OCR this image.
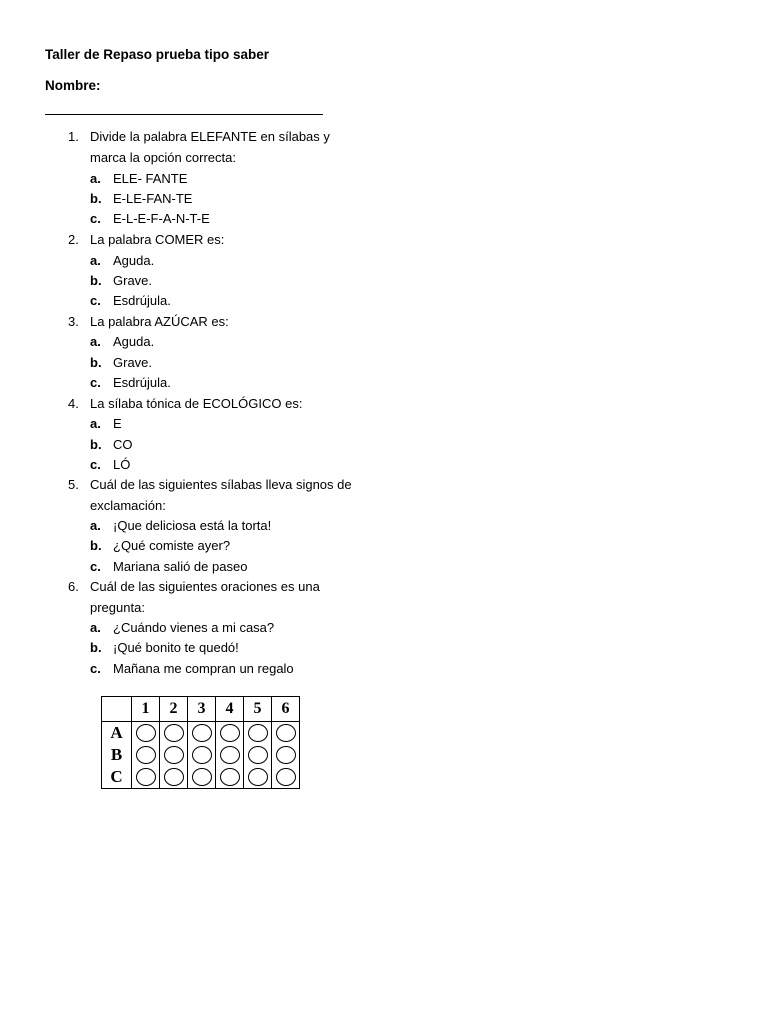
Taller de Repaso prueba tipo saber
Nombre:
1. Divide la palabra ELEFANTE en sílabas y marca la opción correcta:
a. ELE- FANTE
b. E-LE-FAN-TE
c. E-L-E-F-A-N-T-E
2. La palabra COMER es:
a. Aguda.
b. Grave.
c. Esdrújula.
3. La palabra AZÚCAR es:
a. Aguda.
b. Grave.
c. Esdrújula.
4. La sílaba tónica de ECOLÓGICO es:
a. E
b. CO
c. LÓ
5. Cuál de las siguientes sílabas lleva signos de exclamación:
a. ¡Que deliciosa está la torta!
b. ¿Qué comiste ayer?
c. Mariana salió de paseo
6. Cuál de las siguientes oraciones es una pregunta:
a. ¿Cuándo vienes a mi casa?
b. ¡Qué bonito te quedó!
c. Mañana me compran un regalo
	1	2	3	4	5	6
A						
B						
C						
